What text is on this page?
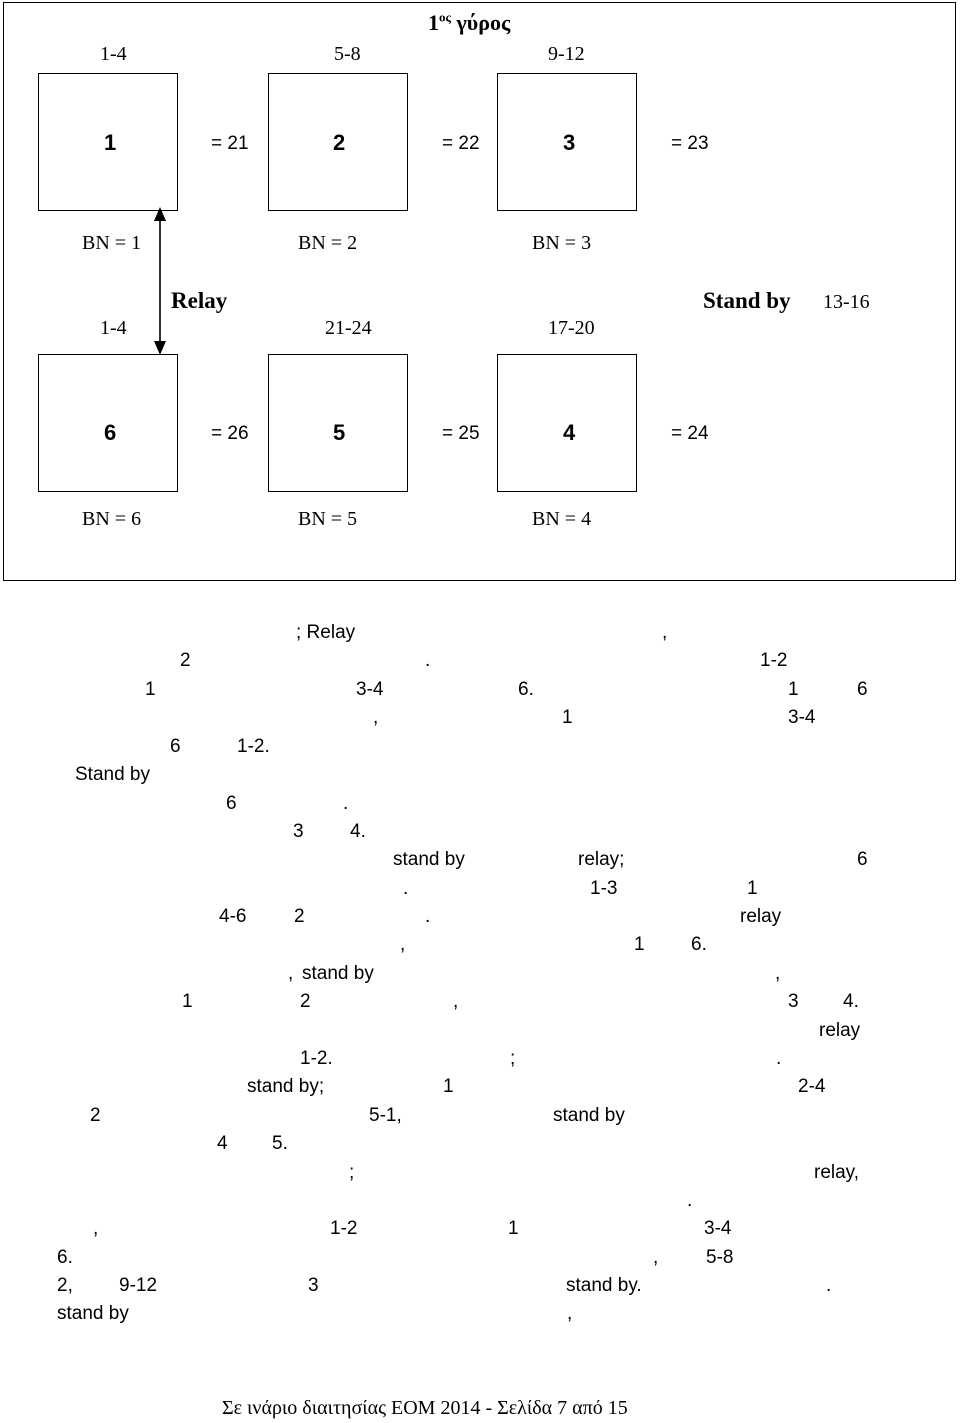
$1^{o\varsigma}$ γύρος
1-4	5-8	9-12
1	= 21	2	= 22	3	= 23
BN = 1	BN = 2	BN = 3
Relay	Stand by 13-16
1-4	21-24	17-20
6	= 26	5	= 25	4	= 24
BN = 6	BN = 5	BN = 4
; Relay	,
2	.	1-2
1	3-4	6.	1	6
,	1	3-4
6	1-2.
Stand by
6	.
3 4.
stand by	relay;	6
.	1-3	1
4-6	2	.	relay
,	1 6.
, stand by	,
1	2	,	3 4.
relay
1-2.	;	.
stand by;	1	2-4
2	5-1,	stand by
4 5.
;	relay,
.
,	1-2	1	3-4
6.	,	5-8
2, 9-12	3	stand by.	.
stand by	,
Σε ινάριο διαιτησίας ΕΟΜ 2014 - Σελίδα 7 από 15
